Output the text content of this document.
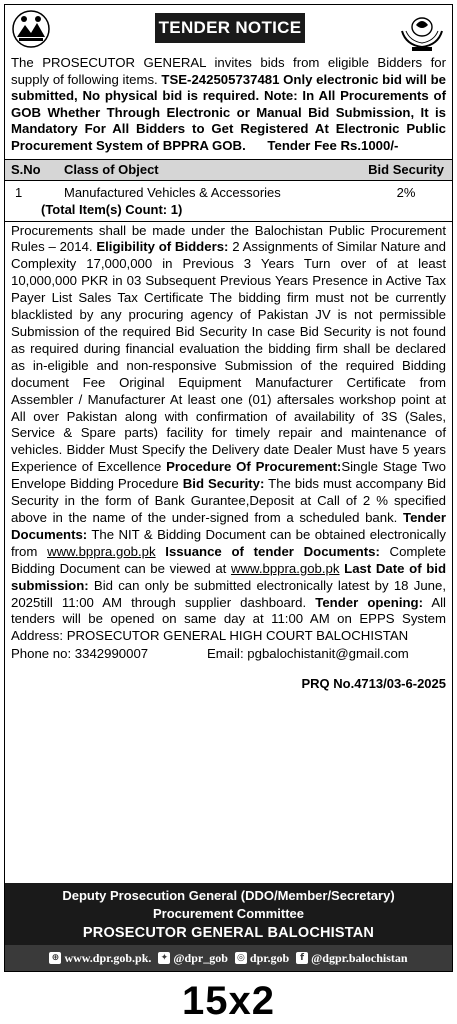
TENDER NOTICE
The PROSECUTOR GENERAL invites bids from eligible Bidders for supply of following items. TSE-242505737481 Only electronic bid will be submitted, No physical bid is required. Note: In All Procurements of GOB Whether Through Electronic or Manual Bid Submission, It is Mandatory For All Bidders to Get Registered At Electronic Public Procurement System of BPPRA GOB. Tender Fee Rs.1000/-
S.No	Class of Object	Bid Security
1	Manufactured Vehicles & Accessories	2%
(Total Item(s) Count: 1)
Procurements shall be made under the Balochistan Public Procurement Rules – 2014. Eligibility of Bidders: 2 Assignments of Similar Nature and Complexity 17,000,000 in Previous 3 Years Turn over of at least 10,000,000 PKR in 03 Subsequent Previous Years Presence in Active Tax Payer List Sales Tax Certificate The bidding firm must not be currently blacklisted by any procuring agency of Pakistan JV is not permissible Submission of the required Bid Security In case Bid Security is not found as required during financial evaluation the bidding firm shall be declared as in-eligible and non-responsive Submission of the required Bidding document Fee Original Equipment Manufacturer Certificate from Assembler / Manufacturer At least one (01) aftersales workshop point at All over Pakistan along with confirmation of availability of 3S (Sales, Service & Spare parts) facility for timely repair and maintenance of vehicles. Bidder Must Specify the Delivery date Dealer Must have 5 years Experience of Excellence Procedure Of Procurement:Single Stage Two Envelope Bidding Procedure Bid Security: The bids must accompany Bid Security in the form of Bank Gurantee,Deposit at Call of 2 % specified above in the name of the under-signed from a scheduled bank. Tender Documents: The NIT & Bidding Document can be obtained electronically from www.bppra.gob.pk Issuance of tender Documents: Complete Bidding Document can be viewed at www.bppra.gob.pk Last Date of bid submission: Bid can only be submitted electronically latest by 18 June, 2025till 11:00 AM through supplier dashboard. Tender opening: All tenders will be opened on same day at 11:00 AM on EPPS System Address: PROSECUTOR GENERAL HIGH COURT BALOCHISTAN
Phone no: 3342990007	Email: pgbalochistanit@gmail.com
PRQ No.4713/03-6-2025
Deputy Prosecution General (DDO/Member/Secretary)
Procurement Committee
PROSECUTOR GENERAL BALOCHISTAN
⊕ www.dpr.gob.pk. ✦ @dpr_gob ◎ dpr.gob	f @dgpr.balochistan
15x2
